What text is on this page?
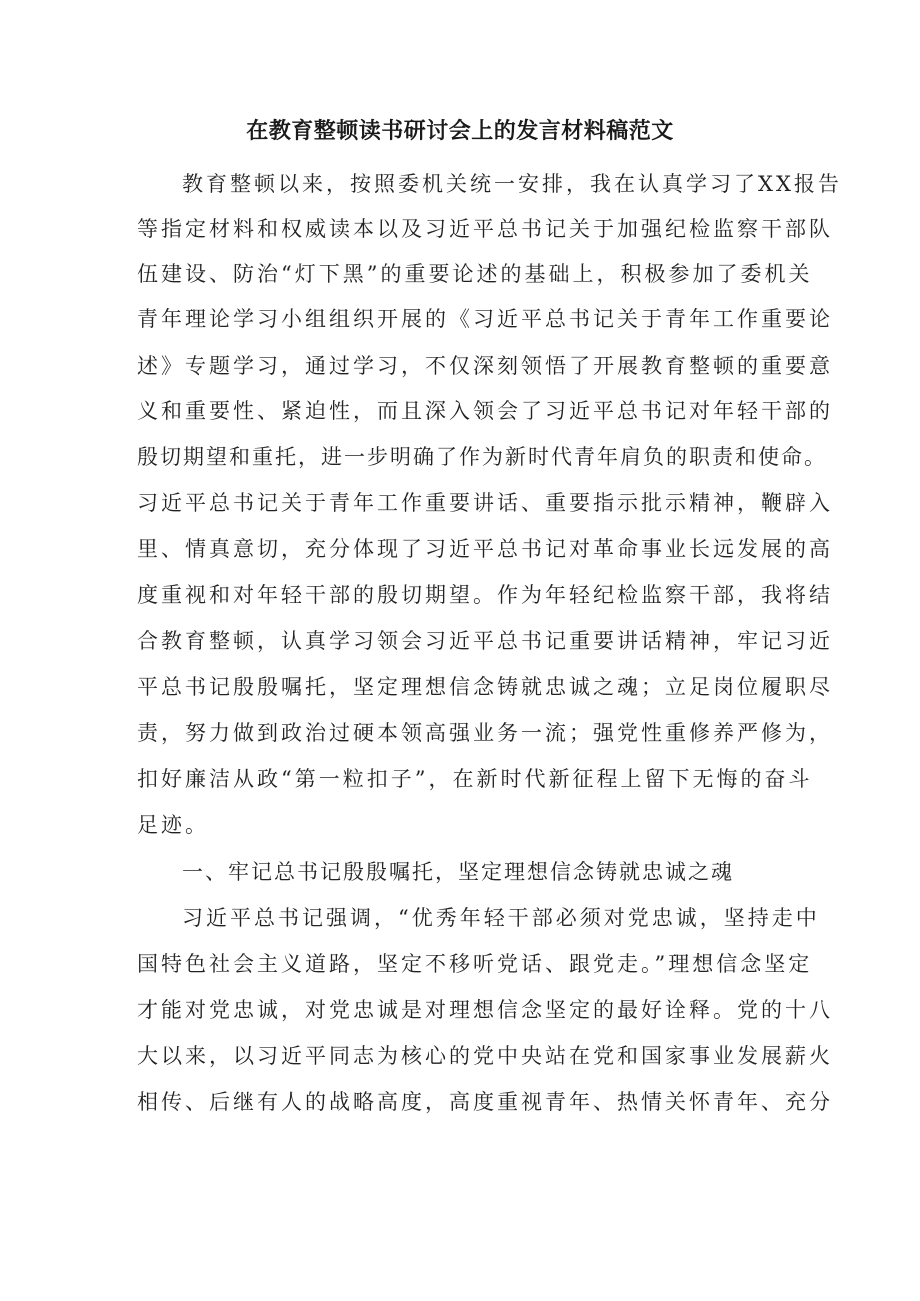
在教育整顿读书研讨会上的发言材料稿范文
教育整顿以来，按照委机关统一安排，我在认真学习了XX报告
等指定材料和权威读本以及习近平总书记关于加强纪检监察干部队
伍建设、防治“灯下黑”的重要论述的基础上，积极参加了委机关
青年理论学习小组组织开展的《习近平总书记关于青年工作重要论
述》专题学习，通过学习，不仅深刻领悟了开展教育整顿的重要意
义和重要性、紧迫性，而且深入领会了习近平总书记对年轻干部的
殷切期望和重托，进一步明确了作为新时代青年肩负的职责和使命。
习近平总书记关于青年工作重要讲话、重要指示批示精神，鞭辟入
里、情真意切，充分体现了习近平总书记对革命事业长远发展的高
度重视和对年轻干部的殷切期望。作为年轻纪检监察干部，我将结
合教育整顿，认真学习领会习近平总书记重要讲话精神，牢记习近
平总书记殷殷嘱托，坚定理想信念铸就忠诚之魂；立足岗位履职尽
责，努力做到政治过硬本领高强业务一流；强党性重修养严修为，
扣好廉洁从政“第一粒扣子”，在新时代新征程上留下无悔的奋斗
足迹。
一、牢记总书记殷殷嘱托，坚定理想信念铸就忠诚之魂
习近平总书记强调，“优秀年轻干部必须对党忠诚，坚持走中
国特色社会主义道路，坚定不移听党话、跟党走。”理想信念坚定
才能对党忠诚，对党忠诚是对理想信念坚定的最好诠释。党的十八
大以来，以习近平同志为核心的党中央站在党和国家事业发展薪火
相传、后继有人的战略高度，高度重视青年、热情关怀青年、充分
